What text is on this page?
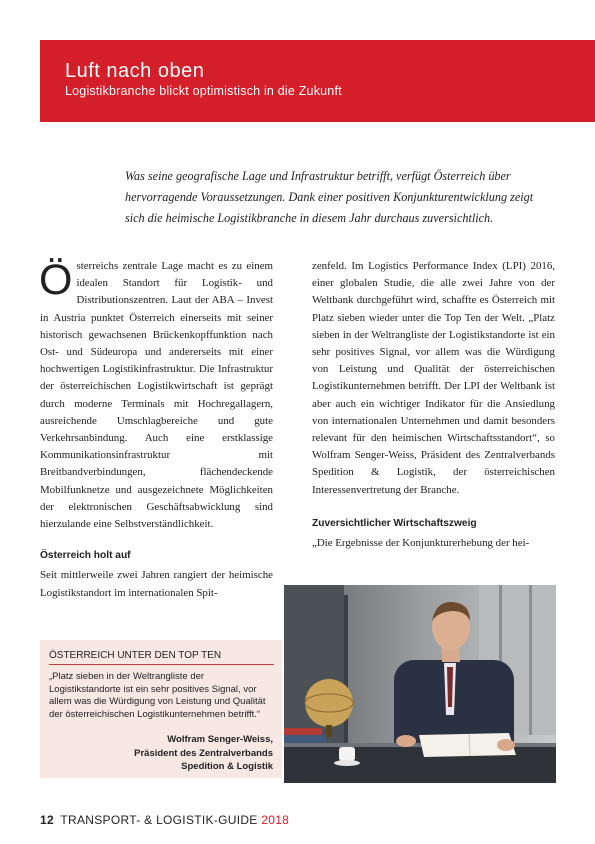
Luft nach oben
Logistikbranche blickt optimistisch in die Zukunft
Was seine geografische Lage und Infrastruktur betrifft, verfügt Österreich über hervorragende Voraussetzungen. Dank einer positiven Konjunkturentwicklung zeigt sich die heimische Logistikbranche in diesem Jahr durchaus zuversichtlich.

Österreichs zentrale Lage macht es zu einem idealen Standort für Logistik- und Distributionszentren. Laut der ABA – Invest in Austria punktet Österreich einerseits mit seiner historisch gewachsenen Brückenkopffunktion nach Ost- und Südeuropa und andererseits mit einer hochwertigen Logistikinfrastruktur. Die Infrastruktur der österreichischen Logistikwirtschaft ist geprägt durch moderne Terminals mit Hochregallagern, ausreichende Umschlagbereiche und gute Verkehrsanbindung. Auch eine erstklassige Kommunikationsinfrastruktur mit Breitbandverbindungen, flächendeckende Mobilfunknetze und ausgezeichnete Möglichkeiten der elektronischen Geschäftsabwicklung sind hierzulande eine Selbstverständlichkeit.

Österreich holt auf

Seit mittlerweile zwei Jahren rangiert der heimische Logistikstandort im internationalen Spit-

zenfeld. Im Logistics Performance Index (LPI) 2016, einer globalen Studie, die alle zwei Jahre von der Weltbank durchgeführt wird, schaffte es Österreich mit Platz sieben wieder unter die Top Ten der Welt. „Platz sieben in der Weltrangliste der Logistikstandorte ist ein sehr positives Signal, vor allem was die Würdigung von Leistung und Qualität der österreichischen Logistikunternehmen betrifft. Der LPI der Weltbank ist aber auch ein wichtiger Indikator für die Ansiedlung von internationalen Unternehmen und damit besonders relevant für den heimischen Wirtschaftsstandort“, so Wolfram Senger-Weiss, Präsident des Zentralverbands Spedition & Logistik, der österreichischen Interessenvertretung der Branche.

Zuversichtlicher Wirtschaftszweig

„Die Ergebnisse der Konjunkturerhebung der hei-

ÖSTERREICH UNTER DEN TOP TEN
„Platz sieben in der Weltrangliste der Logistikstandorte ist ein sehr positives Signal, vor allem was die Würdigung von Leistung und Qualität der österreichischen Logistikunternehmen betrifft.“
Wolfram Senger-Weiss,
Präsident des Zentralverbands
Spedition & Logistik
12 TRANSPORT- & LOGISTIK-GUIDE 2018
